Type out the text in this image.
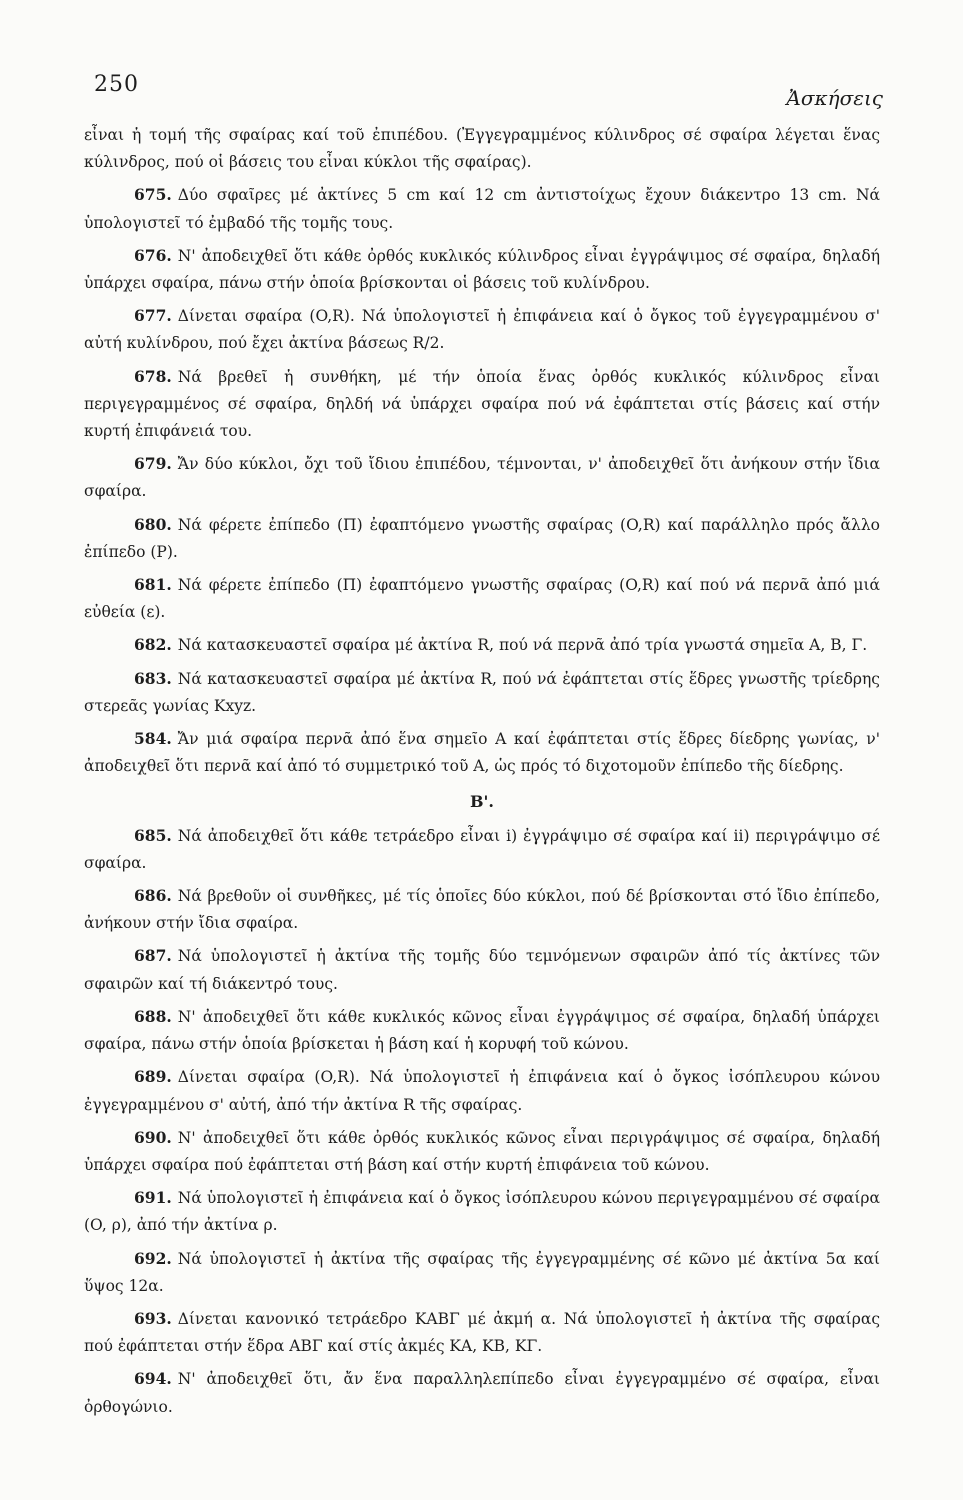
250
Ἀσκήσεις

εἶναι ἡ τομή τῆς σφαίρας καί τοῦ ἐπιπέδου. (Ἐγγεγραμμένος κύλινδρος σέ σφαίρα λέγεται ἕνας κύλινδρος, πού οἱ βάσεις του εἶναι κύκλοι τῆς σφαίρας).

675. Δύο σφαῖρες μέ ἀκτίνες 5 cm καί 12 cm ἀντιστοίχως ἔχουν διάκεντρο 13 cm. Νά ὑπολογιστεῖ τό ἐμβαδό τῆς τομῆς τους.

676. Ν' ἀποδειχθεῖ ὅτι κάθε ὀρθός κυκλικός κύλινδρος εἶναι ἐγγράψιμος σέ σφαίρα, δηλαδή ὑπάρχει σφαίρα, πάνω στήν ὁποία βρίσκονται οἱ βάσεις τοῦ κυλίνδρου.

677. Δίνεται σφαίρα (O,R). Νά ὑπολογιστεῖ ἡ ἐπιφάνεια καί ὁ ὄγκος τοῦ ἐγγεγραμμένου σ' αὐτή κυλίνδρου, πού ἔχει ἀκτίνα βάσεως R/2.

678. Νά βρεθεῖ ἡ συνθήκη, μέ τήν ὁποία ἕνας ὀρθός κυκλικός κύλινδρος εἶναι περιγεγραμμένος σέ σφαίρα, δηλδή νά ὑπάρχει σφαίρα πού νά ἐφάπτεται στίς βάσεις καί στήν κυρτή ἐπιφάνειά του.

679. Ἄν δύο κύκλοι, ὄχι τοῦ ἴδιου ἐπιπέδου, τέμνονται, ν' ἀποδειχθεῖ ὅτι ἀνήκουν στήν ἴδια σφαίρα.

680. Νά φέρετε ἐπίπεδο (Π) ἐφαπτόμενο γνωστῆς σφαίρας (O,R) καί παράλληλο πρός ἄλλο ἐπίπεδο (P).

681. Νά φέρετε ἐπίπεδο (Π) ἐφαπτόμενο γνωστῆς σφαίρας (O,R) καί πού νά περνᾶ ἀπό μιά εὐθεία (ε).

682. Νά κατασκευαστεῖ σφαίρα μέ ἀκτίνα R, πού νά περνᾶ ἀπό τρία γνωστά σημεῖα A, B, Γ.

683. Νά κατασκευαστεῖ σφαίρα μέ ἀκτίνα R, πού νά ἐφάπτεται στίς ἕδρες γνωστῆς τρίεδρης στερεᾶς γωνίας Kxyz.

584. Ἄν μιά σφαίρα περνᾶ ἀπό ἕνα σημεῖο A καί ἐφάπτεται στίς ἕδρες δίεδρης γωνίας, ν' ἀποδειχθεῖ ὅτι περνᾶ καί ἀπό τό συμμετρικό τοῦ A, ὡς πρός τό διχοτομοῦν ἐπίπεδο τῆς δίεδρης.

B'.

685. Νά ἀποδειχθεῖ ὅτι κάθε τετράεδρο εἶναι i) ἐγγράψιμο σέ σφαίρα καί ii) περιγράψιμο σέ σφαίρα.

686. Νά βρεθοῦν οἱ συνθῆκες, μέ τίς ὁποῖες δύο κύκλοι, πού δέ βρίσκονται στό ἴδιο ἐπίπεδο, ἀνήκουν στήν ἴδια σφαίρα.

687. Νά ὑπολογιστεῖ ἡ ἀκτίνα τῆς τομῆς δύο τεμνόμενων σφαιρῶν ἀπό τίς ἀκτίνες τῶν σφαιρῶν καί τή διάκεντρό τους.

688. Ν' ἀποδειχθεῖ ὅτι κάθε κυκλικός κῶνος εἶναι ἐγγράψιμος σέ σφαίρα, δηλαδή ὑπάρχει σφαίρα, πάνω στήν ὁποία βρίσκεται ἡ βάση καί ἡ κορυφή τοῦ κώνου.

689. Δίνεται σφαίρα (O,R). Νά ὑπολογιστεῖ ἡ ἐπιφάνεια καί ὁ ὄγκος ἰσόπλευρου κώνου ἐγγεγραμμένου σ' αὐτή, ἀπό τήν ἀκτίνα R τῆς σφαίρας.

690. Ν' ἀποδειχθεῖ ὅτι κάθε ὀρθός κυκλικός κῶνος εἶναι περιγράψιμος σέ σφαίρα, δηλαδή ὑπάρχει σφαίρα πού ἐφάπτεται στή βάση καί στήν κυρτή ἐπιφάνεια τοῦ κώνου.

691. Νά ὑπολογιστεῖ ἡ ἐπιφάνεια καί ὁ ὄγκος ἰσόπλευρου κώνου περιγεγραμμένου σέ σφαίρα (O, ρ), ἀπό τήν ἀκτίνα ρ.

692. Νά ὑπολογιστεῖ ἡ ἀκτίνα τῆς σφαίρας τῆς ἐγγεγραμμένης σέ κῶνο μέ ἀκτίνα 5α καί ὕψος 12α.

693. Δίνεται κανονικό τετράεδρο ΚΑΒΓ μέ ἀκμή α. Νά ὑπολογιστεῖ ἡ ἀκτίνα τῆς σφαίρας πού ἐφάπτεται στήν ἕδρα ΑΒΓ καί στίς ἀκμές ΚΑ, ΚΒ, ΚΓ.

694. Ν' ἀποδειχθεῖ ὅτι, ἄν ἕνα παραλληλεπίπεδο εἶναι ἐγγεγραμμένο σέ σφαίρα, εἶναι ὀρθογώνιο.
